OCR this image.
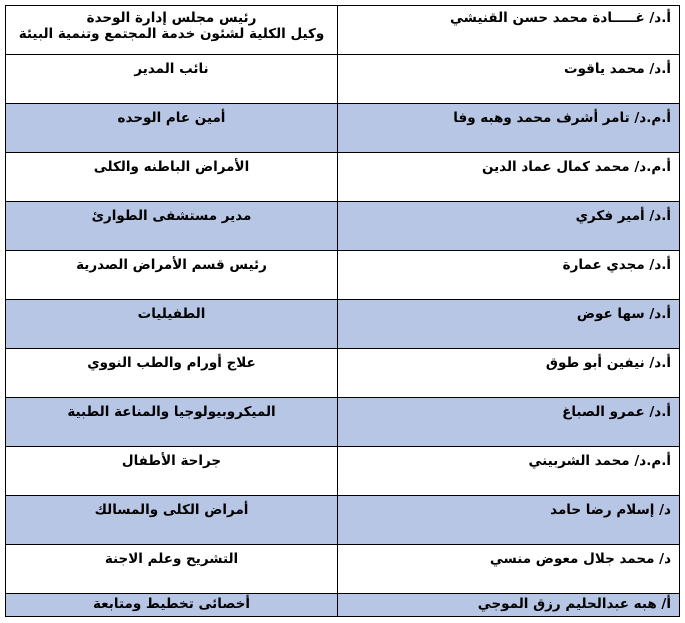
أ.د/ غـــــادة محمد حسن القنيشي	رئيس مجلس إدارة الوحدة
وكيل الكلية لشئون خدمة المجتمع وتنمية البيئة

أ.د/ محمد ياقوت	نائب المدير
أ.م.د/ تامر أشرف محمد وهبه وفا	أمين عام الوحده
أ.م.د/ محمد كمال عماد الدين	الأمراض الباطنه والكلى
أ.د/ أمير فكري	مدير مستشفى الطوارئ
أ.د/ مجدي عمارة	رئيس قسم الأمراض الصدرية
أ.د/ سها عوض	الطفيليات
أ.د/ نيفين أبو طوق	علاج أورام والطب النووي
أ.د/ عمرو الصباغ	الميكروبيولوجيا والمناعة الطبية
أ.م.د/ محمد الشربيني	جراحة الأطفال
د/ إسلام رضا حامد	أمراض الكلى والمسالك
د/ محمد جلال معوض منسي	التشريح وعلم الاجنة
أ/ هبه عبدالحليم رزق الموجي	أخصائى تخطيط ومتابعة
